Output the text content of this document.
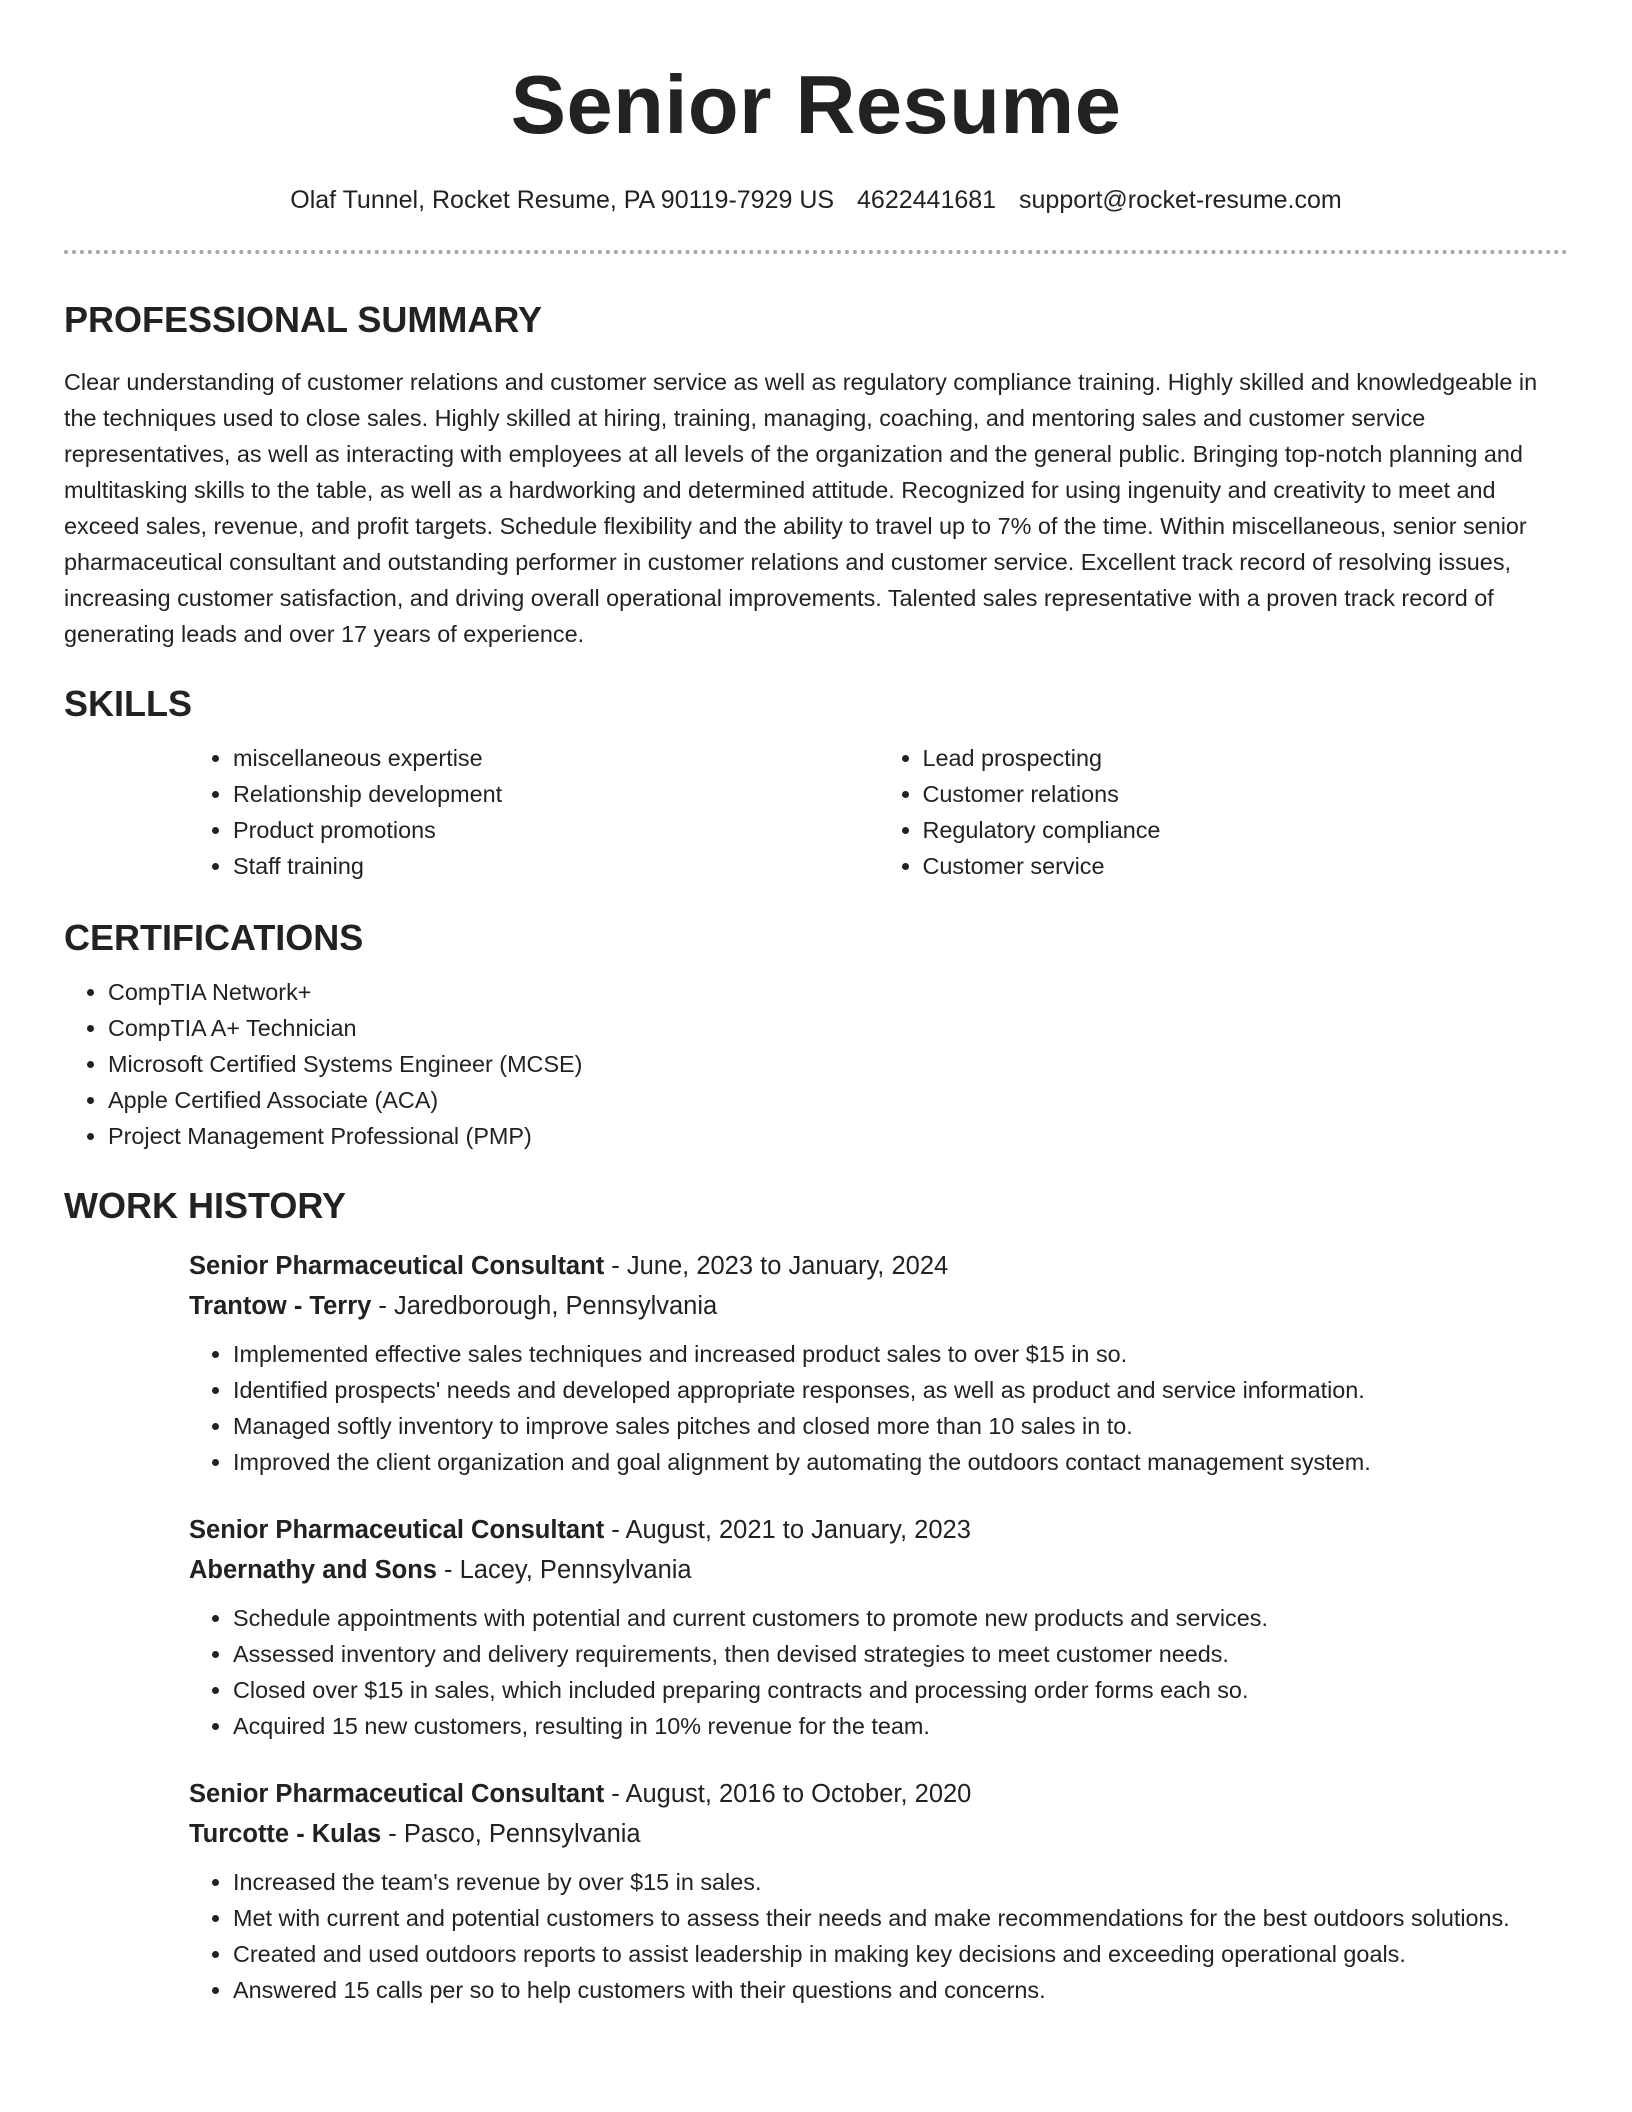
Senior Resume
Olaf Tunnel, Rocket Resume, PA 90119-7929 US 4622441681 support@rocket-resume.com
PROFESSIONAL SUMMARY

Clear understanding of customer relations and customer service as well as regulatory compliance training. Highly skilled and knowledgeable in the techniques used to close sales. Highly skilled at hiring, training, managing, coaching, and mentoring sales and customer service representatives, as well as interacting with employees at all levels of the organization and the general public. Bringing top-notch planning and multitasking skills to the table, as well as a hardworking and determined attitude. Recognized for using ingenuity and creativity to meet and exceed sales, revenue, and profit targets. Schedule flexibility and the ability to travel up to 7% of the time. Within miscellaneous, senior senior pharmaceutical consultant and outstanding performer in customer relations and customer service. Excellent track record of resolving issues, increasing customer satisfaction, and driving overall operational improvements. Talented sales representative with a proven track record of generating leads and over 17 years of experience.

SKILLS
• miscellaneous expertise
• Relationship development
• Product promotions
• Staff training
• Lead prospecting
• Customer relations
• Regulatory compliance
• Customer service
CERTIFICATIONS
• CompTIA Network+
• CompTIA A+ Technician
• Microsoft Certified Systems Engineer (MCSE)
• Apple Certified Associate (ACA)
• Project Management Professional (PMP)
WORK HISTORY
Senior Pharmaceutical Consultant - June, 2023 to January, 2024
Trantow - Terry - Jaredborough, Pennsylvania
• Implemented effective sales techniques and increased product sales to over $15 in so.
• Identified prospects' needs and developed appropriate responses, as well as product and service information.
• Managed softly inventory to improve sales pitches and closed more than 10 sales in to.
• Improved the client organization and goal alignment by automating the outdoors contact management system.
Senior Pharmaceutical Consultant - August, 2021 to January, 2023
Abernathy and Sons - Lacey, Pennsylvania
• Schedule appointments with potential and current customers to promote new products and services.
• Assessed inventory and delivery requirements, then devised strategies to meet customer needs.
• Closed over $15 in sales, which included preparing contracts and processing order forms each so.
• Acquired 15 new customers, resulting in 10% revenue for the team.
Senior Pharmaceutical Consultant - August, 2016 to October, 2020
Turcotte - Kulas - Pasco, Pennsylvania
• Increased the team's revenue by over $15 in sales.
• Met with current and potential customers to assess their needs and make recommendations for the best outdoors solutions.
• Created and used outdoors reports to assist leadership in making key decisions and exceeding operational goals.
• Answered 15 calls per so to help customers with their questions and concerns.
